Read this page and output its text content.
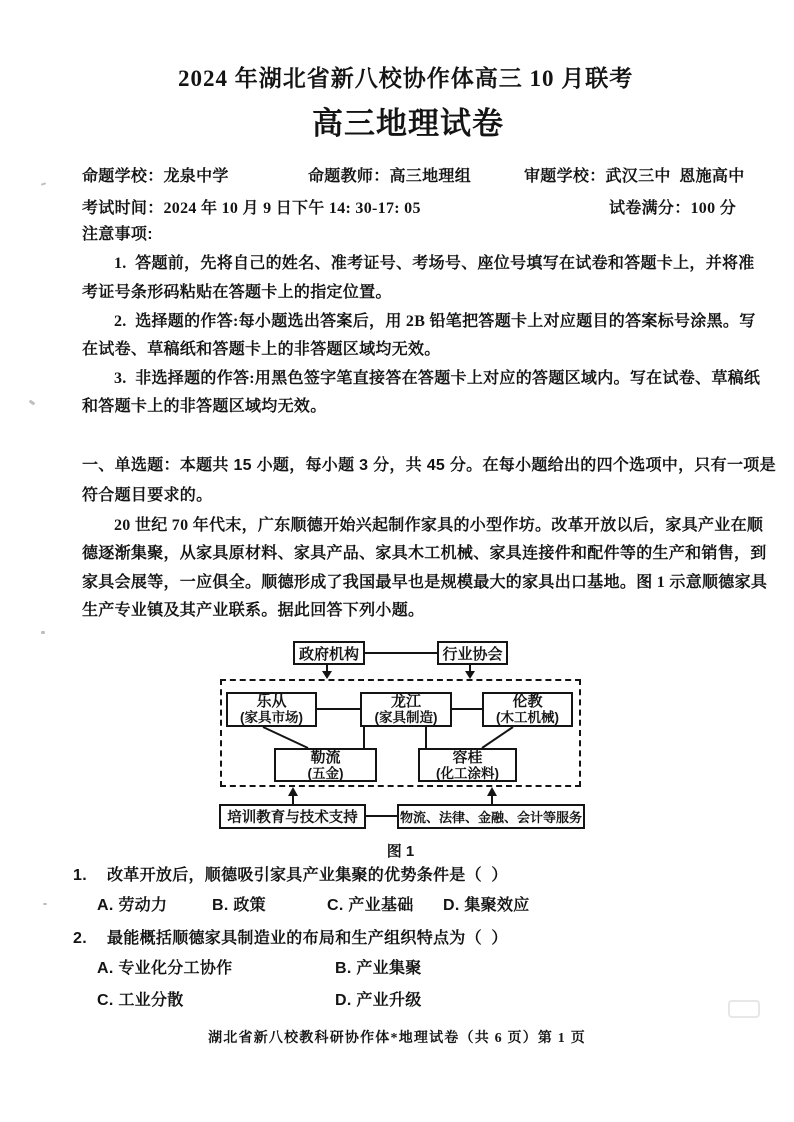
2024 年湖北省新八校协作体高三 10 月联考
高三地理试卷
命题学校：龙泉中学	命题教师：高三地理组	审题学校：武汉三中  恩施高中
考试时间：2024 年 10 月 9 日下午 14: 30-17: 05	试卷满分：100 分
注意事项:
1.  答题前，先将自己的姓名、准考证号、考场号、座位号填写在试卷和答题卡上，并将准
考证号条形码粘贴在答题卡上的指定位置。
2.  选择题的作答:每小题选出答案后，用 2B 铅笔把答题卡上对应题目的答案标号涂黑。写
在试卷、草稿纸和答题卡上的非答题区域均无效。
3.  非选择题的作答:用黑色签字笔直接答在答题卡上对应的答题区域内。写在试卷、草稿纸
和答题卡上的非答题区域均无效。
一、单选题：本题共 15 小题，每小题 3 分，共 45 分。在每小题给出的四个选项中，只有一项是
符合题目要求的。
20 世纪 70 年代末，广东顺德开始兴起制作家具的小型作坊。改革开放以后，家具产业在顺
德逐渐集聚，从家具原材料、家具产品、家具木工机械、家具连接件和配件等的生产和销售，到
家具会展等，一应俱全。顺德形成了我国最早也是规模最大的家具出口基地。图 1 示意顺德家具
生产专业镇及其产业联系。据此回答下列小题。
政府机构	行业协会
乐从
(家具市场)
龙江
(家具制造)
伦教
(木工机械)
勒流
(五金)
容桂
(化工涂料)
培训教育与技术支持	物流、法律、金融、会计等服务
图 1
1. 改革开放后，顺德吸引家具产业集聚的优势条件是（  ）
A. 劳动力	B. 政策	C. 产业基础 D. 集聚效应
2. 最能概括顺德家具制造业的布局和生产组织特点为（  ）
A. 专业化分工协作	B. 产业集聚
C. 工业分散	D. 产业升级
湖北省新八校教科研协作体*地理试卷（共 6 页）第 1 页
